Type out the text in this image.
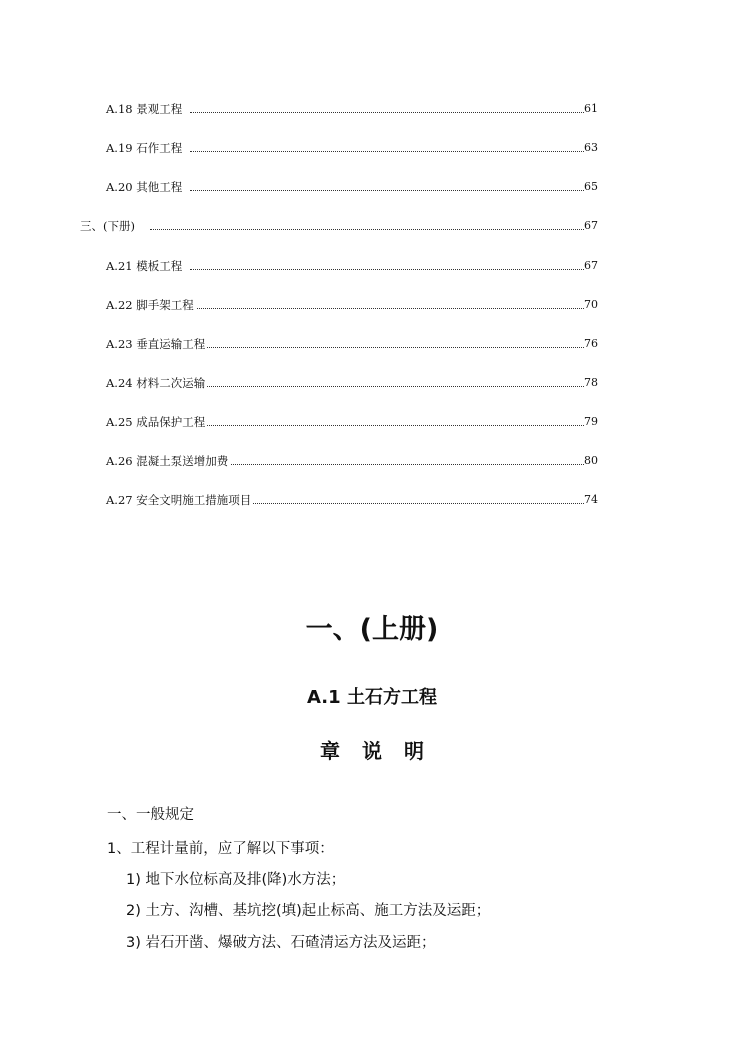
A.18 景观工程	61
A.19 石作工程	63
A.20 其他工程	65
三、(下册)	67
A.21 模板工程	67
A.22 脚手架工程	70
A.23 垂直运输工程	76
A.24 材料二次运输	78
A.25 成品保护工程	79
A.26 混凝土泵送增加费	80
A.27 安全文明施工措施项目	74
一、(上册)
A.1 土石方工程
章说明
一、一般规定
1、工程计量前，应了解以下事项：
1) 地下水位标高及排(降)水方法；
2) 土方、沟槽、基坑挖(填)起止标高、施工方法及运距；
3) 岩石开凿、爆破方法、石碴清运方法及运距；
